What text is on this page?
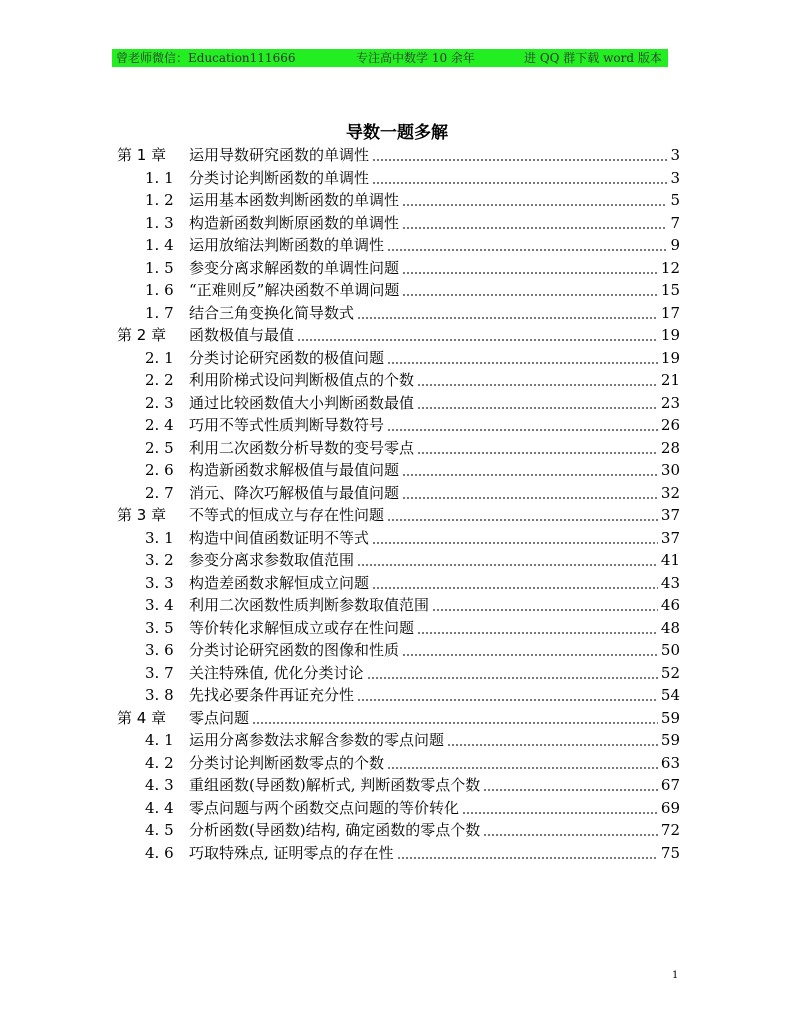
曾老师微信：Education111666	专注高中数学 10 余年	进 QQ 群下载 word 版本
导数一题多解
第 1 章 运用导数研究函数的单调性	3
1. 1 分类讨论判断函数的单调性	3
1. 2 运用基本函数判断函数的单调性	5
1. 3 构造新函数判断原函数的单调性	7
1. 4 运用放缩法判断函数的单调性	9
1. 5 参变分离求解函数的单调性问题	12
1. 6 “正难则反”解决函数不单调问题	15
1. 7 结合三角变换化简导数式	17
第 2 章 函数极值与最值	19
2. 1 分类讨论研究函数的极值问题	19
2. 2 利用阶梯式设问判断极值点的个数	21
2. 3 通过比较函数值大小判断函数最值	23
2. 4 巧用不等式性质判断导数符号	26
2. 5 利用二次函数分析导数的变号零点	28
2. 6 构造新函数求解极值与最值问题	30
2. 7 消元、降次巧解极值与最值问题	32
第 3 章 不等式的恒成立与存在性问题	37
3. 1 构造中间值函数证明不等式	37
3. 2 参变分离求参数取值范围	41
3. 3 构造差函数求解恒成立问题	43
3. 4 利用二次函数性质判断参数取值范围	46
3. 5 等价转化求解恒成立或存在性问题	48
3. 6 分类讨论研究函数的图像和性质	50
3. 7 关注特殊值, 优化分类讨论	52
3. 8 先找必要条件再证充分性	54
第 4 章 零点问题	59
4. 1 运用分离参数法求解含参数的零点问题	59
4. 2 分类讨论判断函数零点的个数	63
4. 3 重组函数(导函数)解析式, 判断函数零点个数	67
4. 4 零点问题与两个函数交点问题的等价转化	69
4. 5 分析函数(导函数)结构, 确定函数的零点个数	72
4. 6 巧取特殊点, 证明零点的存在性	75
1
